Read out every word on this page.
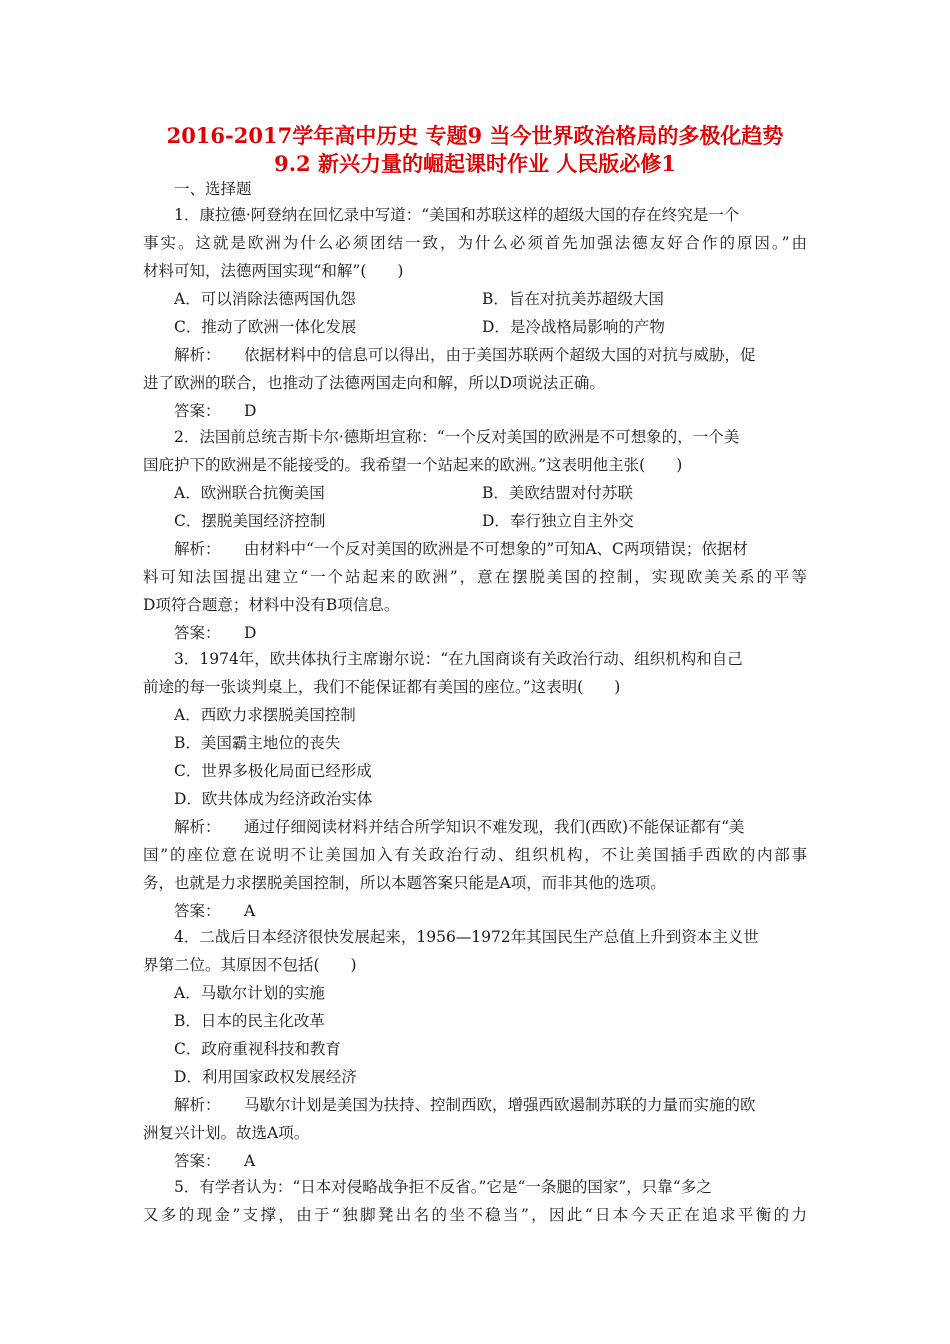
2016-2017学年高中历史 专题9 当今世界政治格局的多极化趋势
9.2 新兴力量的崛起课时作业 人民版必修1
一、选择题
1．康拉德·阿登纳在回忆录中写道：“美国和苏联这样的超级大国的存在终究是一个
事实。这就是欧洲为什么必须团结一致，为什么必须首先加强法德友好合作的原因。”由
材料可知，法德两国实现“和解”(　　)
A．可以消除法德两国仇怨	B．旨在对抗美苏超级大国
C．推动了欧洲一体化发展	D．是冷战格局影响的产物
解析： 依据材料中的信息可以得出，由于美国苏联两个超级大国的对抗与威胁，促
进了欧洲的联合，也推动了法德两国走向和解，所以D项说法正确。
答案： D
2．法国前总统吉斯卡尔·德斯坦宣称：“一个反对美国的欧洲是不可想象的，一个美
国庇护下的欧洲是不能接受的。我希望一个站起来的欧洲。”这表明他主张(　　)
A．欧洲联合抗衡美国	B．美欧结盟对付苏联
C．摆脱美国经济控制	D．奉行独立自主外交
解析： 由材料中“一个反对美国的欧洲是不可想象的”可知A、C两项错误；依据材
料可知法国提出建立“一个站起来的欧洲”，意在摆脱美国的控制，实现欧美关系的平等
D项符合题意；材料中没有B项信息。
答案： D
3．1974年，欧共体执行主席谢尔说：“在九国商谈有关政治行动、组织机构和自己
前途的每一张谈判桌上，我们不能保证都有美国的座位。”这表明(　　)
A．西欧力求摆脱美国控制
B．美国霸主地位的丧失
C．世界多极化局面已经形成
D．欧共体成为经济政治实体
解析： 通过仔细阅读材料并结合所学知识不难发现，我们(西欧)不能保证都有“美
国”的座位意在说明不让美国加入有关政治行动、组织机构，不让美国插手西欧的内部事
务，也就是力求摆脱美国控制，所以本题答案只能是A项，而非其他的选项。
答案： A
4．二战后日本经济很快发展起来，1956—1972年其国民生产总值上升到资本主义世
界第二位。其原因不包括(　　)
A．马歇尔计划的实施
B．日本的民主化改革
C．政府重视科技和教育
D．利用国家政权发展经济
解析： 马歇尔计划是美国为扶持、控制西欧，增强西欧遏制苏联的力量而实施的欧
洲复兴计划。故选A项。
答案： A
5．有学者认为：“日本对侵略战争拒不反省。”它是“一条腿的国家”，只靠“多之
又多的现金”支撑，由于“独脚凳出名的坐不稳当”，因此“日本今天正在追求平衡的力
